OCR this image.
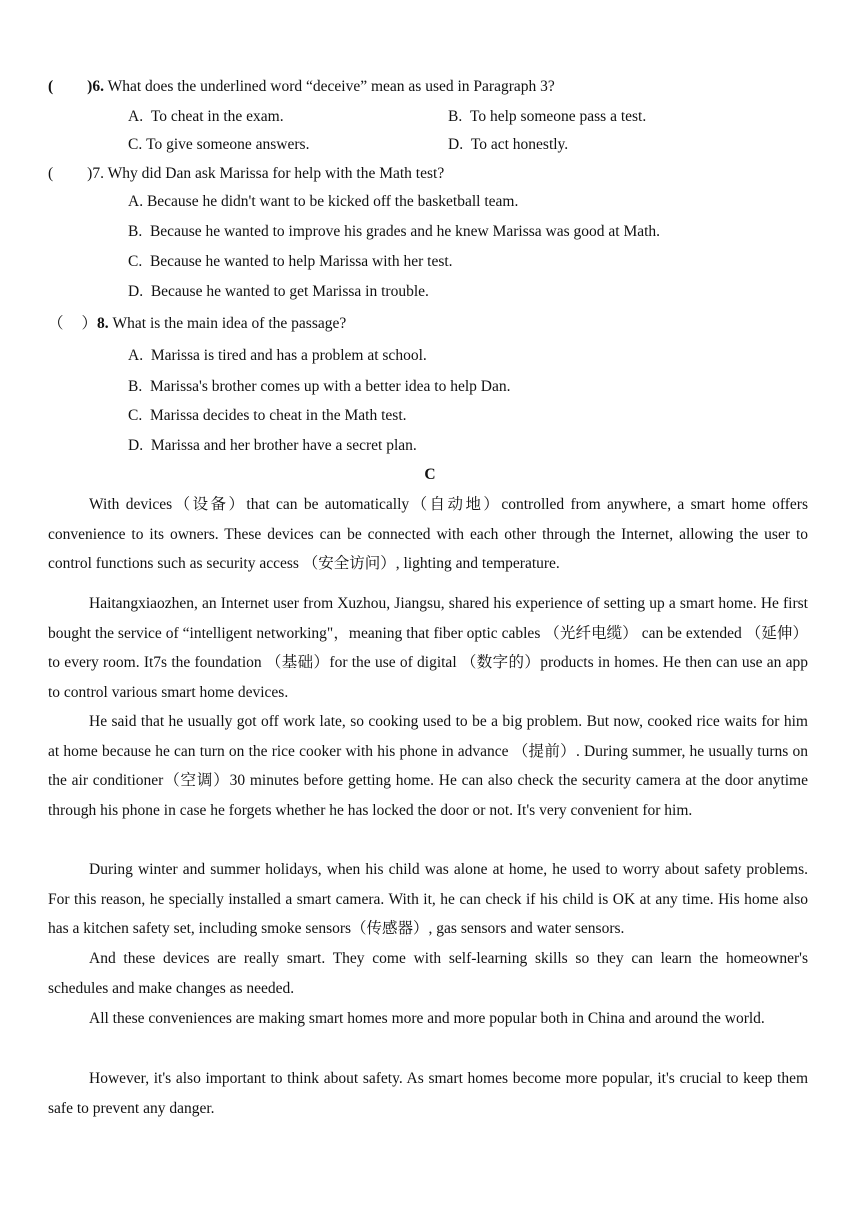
( )6. What does the underlined word “deceive” mean as used in Paragraph 3?
A. To cheat in the exam.	B. To help someone pass a test.
C. To give someone answers.	D. To act honestly.
( )7. Why did Dan ask Marissa for help with the Math test?
A. Because he didn't want to be kicked off the basketball team.
B. Because he wanted to improve his grades and he knew Marissa was good at Math.
C. Because he wanted to help Marissa with her test.
D. Because he wanted to get Marissa in trouble.
（ ）8. What is the main idea of the passage?
A. Marissa is tired and has a problem at school.
B. Marissa's brother comes up with a better idea to help Dan.
C. Marissa decides to cheat in the Math test.
D. Marissa and her brother have a secret plan.
C

With devices（设备）that can be automatically（自动地）controlled from anywhere, a smart home offers convenience to its owners. These devices can be connected with each other through the Internet, allowing the user to control functions such as security access （安全访问）, lighting and temperature.

Haitangxiaozhen, an Internet user from Xuzhou, Jiangsu, shared his experience of setting up a smart home. He first bought the service of “intelligent networking"，meaning that fiber optic cables （光纤电缆） can be extended （延伸）to every room. It7s the foundation （基础）for the use of digital （数字的）products in homes. He then can use an app to control various smart home devices.

He said that he usually got off work late, so cooking used to be a big problem. But now, cooked rice waits for him at home because he can turn on the rice cooker with his phone in advance （提前）. During summer, he usually turns on the air conditioner（空调）30 minutes before getting home. He can also check the security camera at the door anytime through his phone in case he forgets whether he has locked the door or not. It's very convenient for him.

During winter and summer holidays, when his child was alone at home, he used to worry about safety problems. For this reason, he specially installed a smart camera. With it, he can check if his child is OK at any time. His home also has a kitchen safety set, including smoke sensors（传感器）, gas sensors and water sensors.

And these devices are really smart. They come with self-learning skills so they can learn the homeowner's schedules and make changes as needed.

All these conveniences are making smart homes more and more popular both in China and around the world.

However, it's also important to think about safety. As smart homes become more popular, it's crucial to keep them safe to prevent any danger.
